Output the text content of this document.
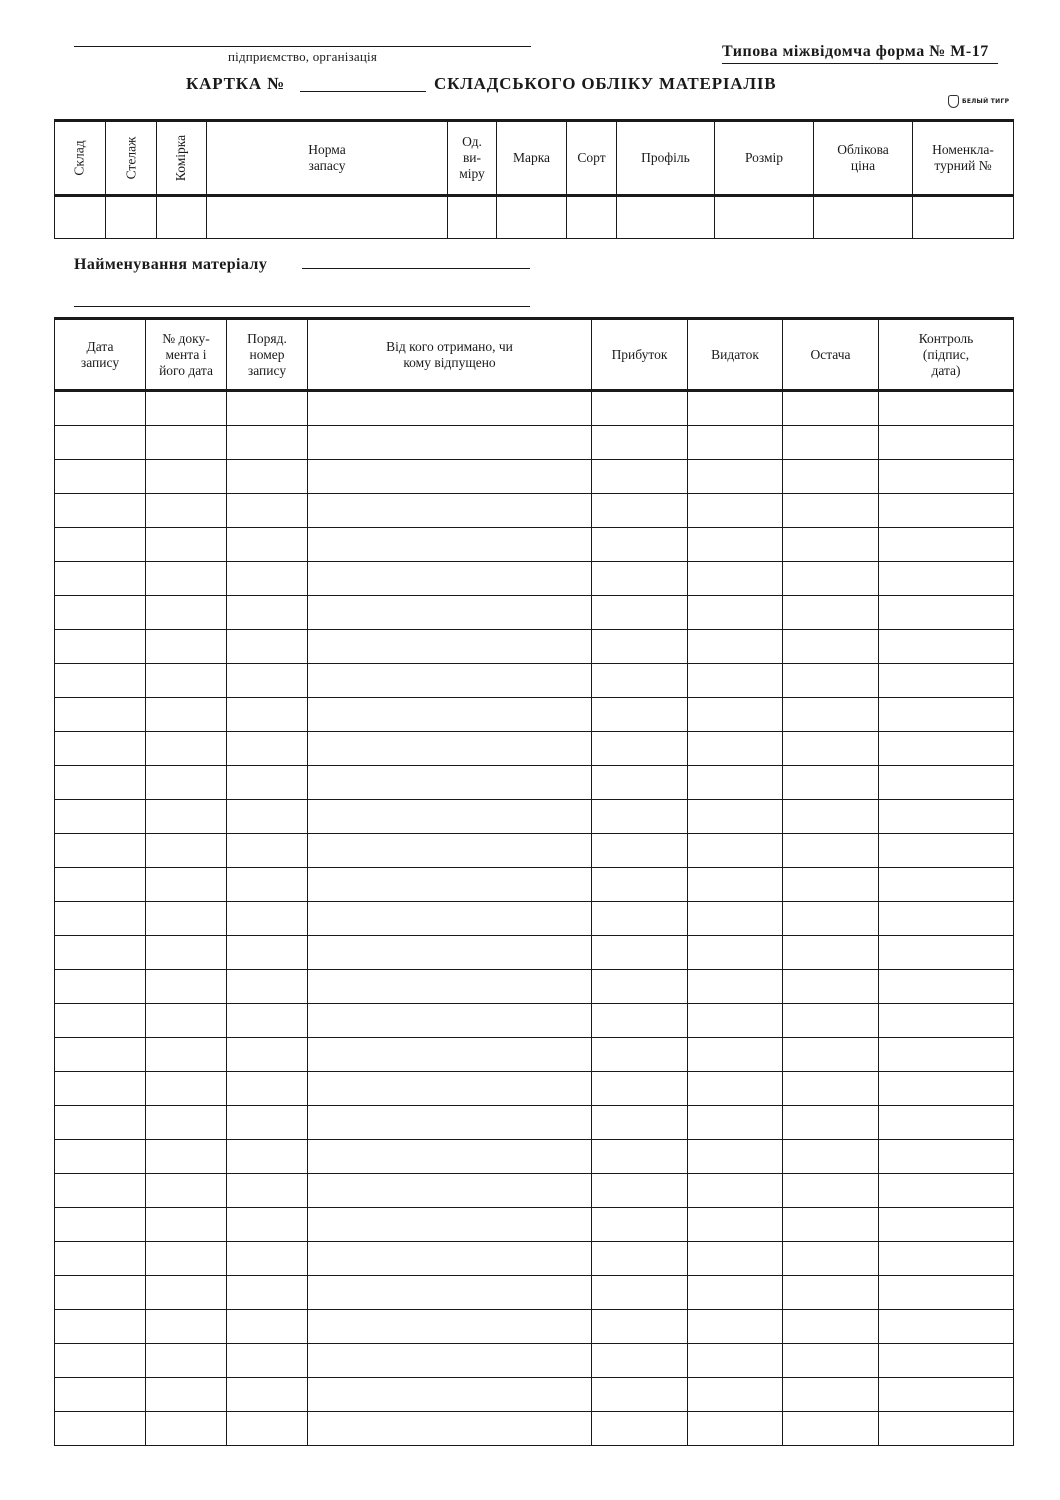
підприємство, організація	Типова міжвідомча форма № М-17
КАРТКА №	СКЛАДСЬКОГО ОБЛІКУ МАТЕРІАЛІВ
БЕЛЫЙ ТИГР
Склад	Стелаж	Комірка	Норма запасу	Од. ви- міру	Марка	Сорт	Профіль	Розмір	Облікова ціна	Номенкла- турний №

Найменування матеріалу
Дата запису	№ доку- мента і його дата	Поряд. номер запису	Від кого отримано, чи кому відпущено	Прибуток	Видаток	Остача	Контроль (підпис, дата)
